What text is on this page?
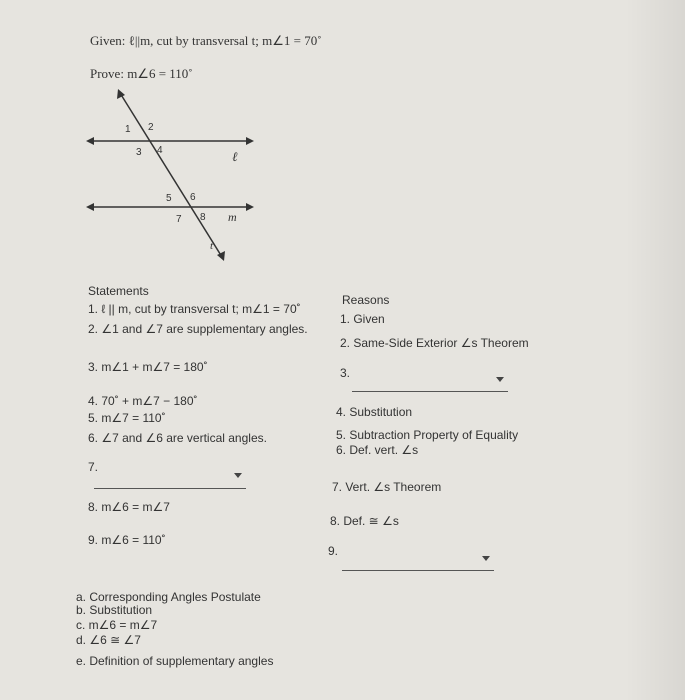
Given: ℓ||m, cut by transversal t; m∠1 = 70˚
Prove: m∠6 = 110˚
1 2
3 4
5 6
7 8
ℓ
m
t
Statements
Reasons
1. ℓ || m, cut by transversal t; m∠1 = 70˚
2. ∠1 and ∠7 are supplementary angles.
3. m∠1 + m∠7 = 180˚
4. 70˚ + m∠7 − 180˚
5. m∠7 = 110˚
6. ∠7 and ∠6 are vertical angles.
7.
8. m∠6 = m∠7
9. m∠6 = 110˚
1. Given
2. Same-Side Exterior ∠s Theorem
3.
4. Substitution
5. Subtraction Property of Equality
6. Def. vert. ∠s
7. Vert. ∠s Theorem
8. Def. ≅ ∠s
9.
a. Corresponding Angles Postulate
b. Substitution
c. m∠6 = m∠7
d. ∠6 ≅ ∠7
e. Definition of supplementary angles
